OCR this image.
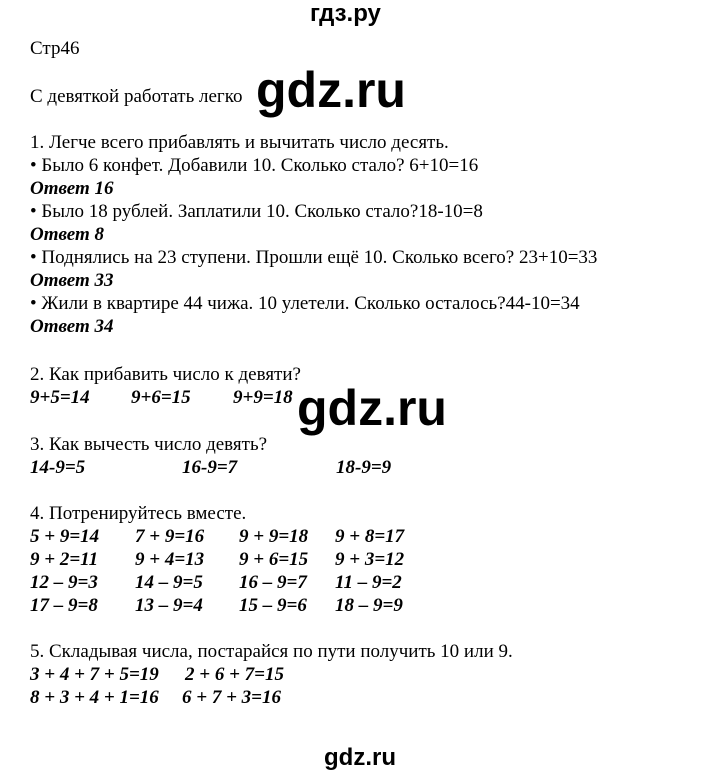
гдз.ру
Стр46
С девяткой работать легко
1. Легче всего прибавлять и вычитать число десять.
• Было 6 конфет. Добавили 10. Сколько стало? 6+10=16
Ответ 16
• Было 18 рублей. Заплатили 10. Сколько стало?18-10=8
Ответ 8
• Поднялись на 23 ступени. Прошли ещё 10. Сколько всего? 23+10=33
Ответ 33
• Жили в квартире 44 чижа. 10 улетели. Сколько осталось?44-10=34
Ответ 34
2. Как прибавить число к девяти?
9+5=14 9+6=15 9+9=18
3. Как вычесть число девять?
14-9=5	16-9=7	18-9=9
4. Потренируйтесь вместе.
5 + 9=14 7 + 9=16 9 + 9=18 9 + 8=17
9 + 2=11 9 + 4=13 9 + 6=15 9 + 3=12
12 – 9=3 14 – 9=5 16 – 9=7 11 – 9=2
17 – 9=8 13 – 9=4 15 – 9=6 18 – 9=9
5. Складывая числа, постарайся по пути получить 10 или 9.
3 + 4 + 7 + 5=19 2 + 6 + 7=15
8 + 3 + 4 + 1=16 6 + 7 + 3=16
gdz.ru
gdz.ru
gdz.ru
